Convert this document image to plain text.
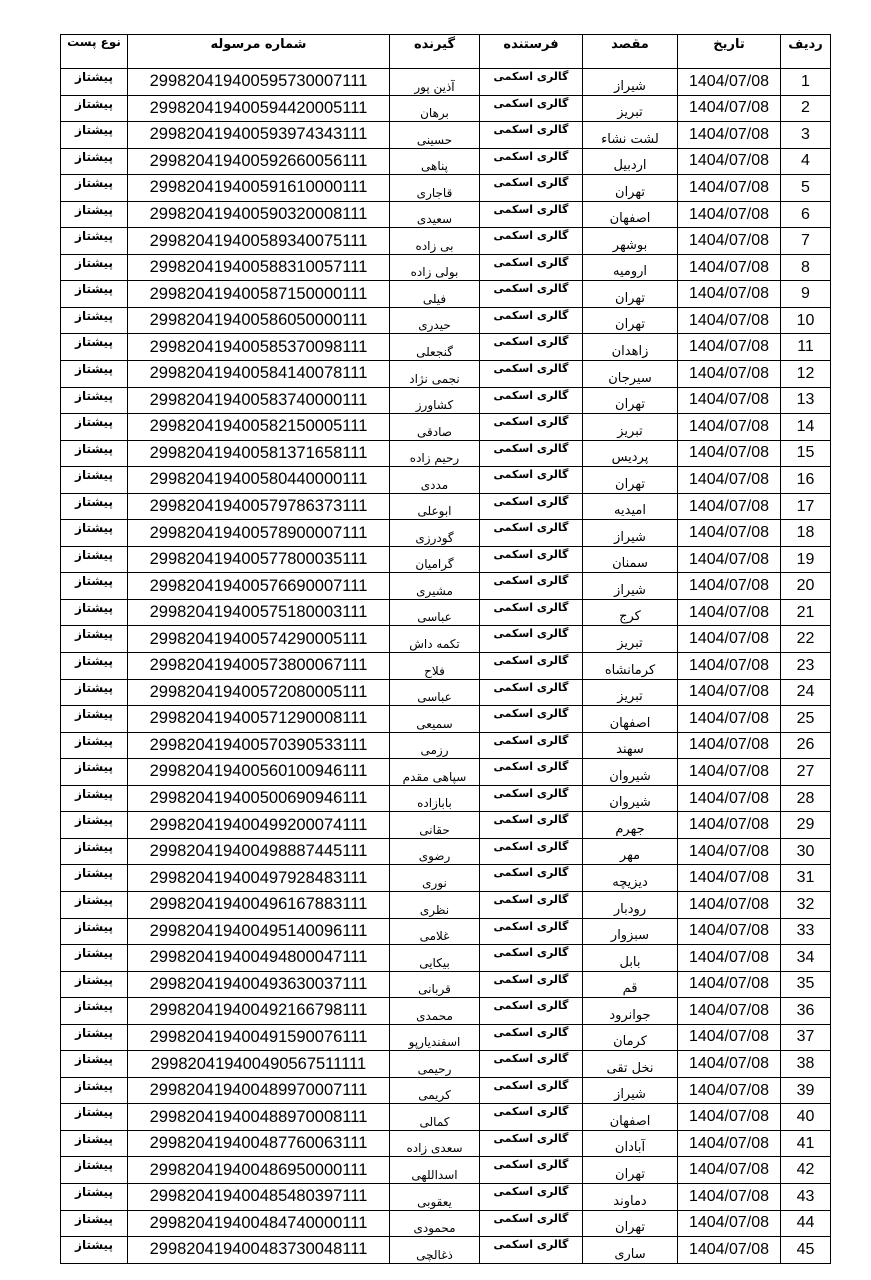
ردیف	تاریخ	مقصد	فرستنده	گیرنده	شماره مرسوله	نوع پست
1	1404/07/08	شیراز	گالری اسکمی	آذین پور	299820419400595730007111	پیشتاز
2	1404/07/08	تبریز	گالری اسکمی	برهان	299820419400594420005111	پیشتاز
3	1404/07/08	لشت نشاء	گالری اسکمی	حسینی	299820419400593974343111	پیشتاز
4	1404/07/08	اردبیل	گالری اسکمی	پناهی	299820419400592660056111	پیشتاز
5	1404/07/08	تهران	گالری اسکمی	قاجاری	299820419400591610000111	پیشتاز
6	1404/07/08	اصفهان	گالری اسکمی	سعیدی	299820419400590320008111	پیشتاز
7	1404/07/08	بوشهر	گالری اسکمی	بی زاده	299820419400589340075111	پیشتاز
8	1404/07/08	ارومیه	گالری اسکمی	بولی زاده	299820419400588310057111	پیشتاز
9	1404/07/08	تهران	گالری اسکمی	فیلی	299820419400587150000111	پیشتاز
10	1404/07/08	تهران	گالری اسکمی	حیدری	299820419400586050000111	پیشتاز
11	1404/07/08	زاهدان	گالری اسکمی	گنجعلی	299820419400585370098111	پیشتاز
12	1404/07/08	سیرجان	گالری اسکمی	نجمی نژاد	299820419400584140078111	پیشتاز
13	1404/07/08	تهران	گالری اسکمی	کشاورز	299820419400583740000111	پیشتاز
14	1404/07/08	تبریز	گالری اسکمی	صادقی	299820419400582150005111	پیشتاز
15	1404/07/08	پردیس	گالری اسکمی	رحیم زاده	299820419400581371658111	پیشتاز
16	1404/07/08	تهران	گالری اسکمی	مددی	299820419400580440000111	پیشتاز
17	1404/07/08	امیدیه	گالری اسکمی	ابوعلی	299820419400579786373111	پیشتاز
18	1404/07/08	شیراز	گالری اسکمی	گودرزی	299820419400578900007111	پیشتاز
19	1404/07/08	سمنان	گالری اسکمی	گرامیان	299820419400577800035111	پیشتاز
20	1404/07/08	شیراز	گالری اسکمی	مشیری	299820419400576690007111	پیشتاز
21	1404/07/08	کرج	گالری اسکمی	عباسی	299820419400575180003111	پیشتاز
22	1404/07/08	تبریز	گالری اسکمی	تکمه داش	299820419400574290005111	پیشتاز
23	1404/07/08	کرمانشاه	گالری اسکمی	فلاح	299820419400573800067111	پیشتاز
24	1404/07/08	تبریز	گالری اسکمی	عباسی	299820419400572080005111	پیشتاز
25	1404/07/08	اصفهان	گالری اسکمی	سمیعی	299820419400571290008111	پیشتاز
26	1404/07/08	سهند	گالری اسکمی	رزمی	299820419400570390533111	پیشتاز
27	1404/07/08	شیروان	گالری اسکمی	سپاهی مقدم	299820419400560100946111	پیشتاز
28	1404/07/08	شیروان	گالری اسکمی	بابازاده	299820419400500690946111	پیشتاز
29	1404/07/08	جهرم	گالری اسکمی	حقانی	299820419400499200074111	پیشتاز
30	1404/07/08	مهر	گالری اسکمی	رضوی	299820419400498887445111	پیشتاز
31	1404/07/08	دیزیچه	گالری اسکمی	نوری	299820419400497928483111	پیشتاز
32	1404/07/08	رودبار	گالری اسکمی	نظری	299820419400496167883111	پیشتاز
33	1404/07/08	سبزوار	گالری اسکمی	غلامی	299820419400495140096111	پیشتاز
34	1404/07/08	بابل	گالری اسکمی	بیکایی	299820419400494800047111	پیشتاز
35	1404/07/08	قم	گالری اسکمی	قربانی	299820419400493630037111	پیشتاز
36	1404/07/08	جوانرود	گالری اسکمی	محمدی	299820419400492166798111	پیشتاز
37	1404/07/08	کرمان	گالری اسکمی	اسفندیارپو	299820419400491590076111	پیشتاز
38	1404/07/08	نخل تقی	گالری اسکمی	رحیمی	299820419400490567511111	پیشتاز
39	1404/07/08	شیراز	گالری اسکمی	کریمی	299820419400489970007111	پیشتاز
40	1404/07/08	اصفهان	گالری اسکمی	کمالی	299820419400488970008111	پیشتاز
41	1404/07/08	آبادان	گالری اسکمی	سعدی زاده	299820419400487760063111	پیشتاز
42	1404/07/08	تهران	گالری اسکمی	اسداللهی	299820419400486950000111	پیشتاز
43	1404/07/08	دماوند	گالری اسکمی	یعقوبی	299820419400485480397111	پیشتاز
44	1404/07/08	تهران	گالری اسکمی	محمودی	299820419400484740000111	پیشتاز
45	1404/07/08	ساری	گالری اسکمی	ذغالچی	299820419400483730048111	پیشتاز
